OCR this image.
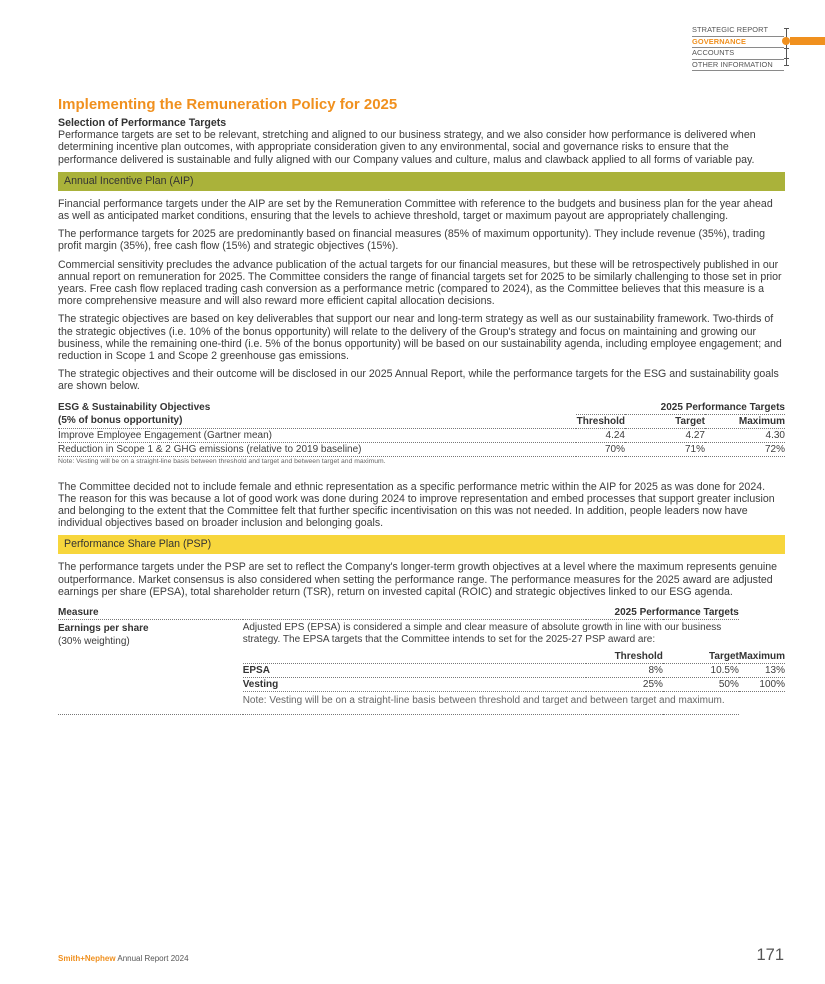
STRATEGIC REPORT
GOVERNANCE
ACCOUNTS
OTHER INFORMATION
Implementing the Remuneration Policy for 2025
Selection of Performance Targets

Performance targets are set to be relevant, stretching and aligned to our business strategy, and we also consider how performance is delivered when determining incentive plan outcomes, with appropriate consideration given to any environmental, social and governance risks to ensure that the performance delivered is sustainable and fully aligned with our Company values and culture, malus and clawback applied to all forms of variable pay.

Annual Incentive Plan (AIP)

Financial performance targets under the AIP are set by the Remuneration Committee with reference to the budgets and business plan for the year ahead as well as anticipated market conditions, ensuring that the levels to achieve threshold, target or maximum payout are appropriately challenging.

The performance targets for 2025 are predominantly based on financial measures (85% of maximum opportunity). They include revenue (35%), trading profit margin (35%), free cash flow (15%) and strategic objectives (15%).

Commercial sensitivity precludes the advance publication of the actual targets for our financial measures, but these will be retrospectively published in our annual report on remuneration for 2025. The Committee considers the range of financial targets set for 2025 to be similarly challenging to those set in prior years. Free cash flow replaced trading cash conversion as a performance metric (compared to 2024), as the Committee believes that this measure is a more comprehensive measure and will also reward more efficient capital allocation decisions.

The strategic objectives are based on key deliverables that support our near and long-term strategy as well as our sustainability framework. Two-thirds of the strategic objectives (i.e. 10% of the bonus opportunity) will relate to the delivery of the Group's strategy and focus on maintaining and growing our business, while the remaining one-third (i.e. 5% of the bonus opportunity) will be based on our sustainability agenda, including employee engagement; and reduction in Scope 1 and Scope 2 greenhouse gas emissions.

The strategic objectives and their outcome will be disclosed in our 2025 Annual Report, while the performance targets for the ESG and sustainability goals are shown below.

ESG & Sustainability Objectives	2025 Performance Targets		
(5% of bonus opportunity)	Threshold	Target	Maximum
Improve Employee Engagement (Gartner mean)	4.24	4.27	4.30
Reduction in Scope 1 & 2 GHG emissions (relative to 2019 baseline)	70%	71%	72%
Note: Vesting will be on a straight-line basis between threshold and target and between target and maximum.

The Committee decided not to include female and ethnic representation as a specific performance metric within the AIP for 2025 as was done for 2024. The reason for this was because a lot of good work was done during 2024 to improve representation and embed processes that support greater inclusion and belonging to the extent that the Committee felt that further specific incentivisation on this was not needed. In addition, people leaders now have individual objectives based on broader inclusion and belonging goals.

Performance Share Plan (PSP)

The performance targets under the PSP are set to reflect the Company's longer-term growth objectives at a level where the maximum represents genuine outperformance. Market consensus is also considered when setting the performance range. The performance measures for the 2025 award are adjusted earnings per share (EPSA), total shareholder return (TSR), return on invested capital (ROIC) and strategic objectives linked to our ESG agenda.

Measure	2025 Performance Targets			

Earnings per share
(30% weighting)	Adjusted EPS (EPSA) is considered a simple and clear measure of absolute growth in line with our business strategy. The EPSA targets that the Committee intends to set for the 2025-27 PSP award are:			
		Threshold	Target	Maximum
	EPSA	8%	10.5%	13%
	Vesting	25%	50%	100%
	Note: Vesting will be on a straight-line basis between threshold and target and between target and maximum.			
Smith+Nephew Annual Report 2024	171
